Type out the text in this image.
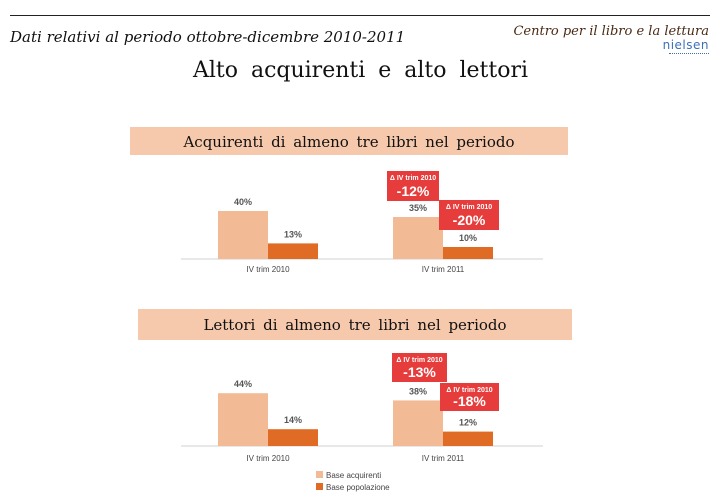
Dati relativi al periodo ottobre-dicembre 2010-2011	Centro per il libro e la lettura
nielsen
Alto acquirenti e alto lettori
Acquirenti di almeno tre libri nel periodo
Lettori di almeno tre libri nel periodo
40%
13%
IV trim 2010
35%
10%
IV trim 2011
Δ IV trim 2010
-12%
Δ IV trim 2010
-20%
44%
14%
IV trim 2010
38%
12%
IV trim 2011
Δ IV trim 2010
-13%
Δ IV trim 2010
-18%
Base acquirenti
Base popolazione
